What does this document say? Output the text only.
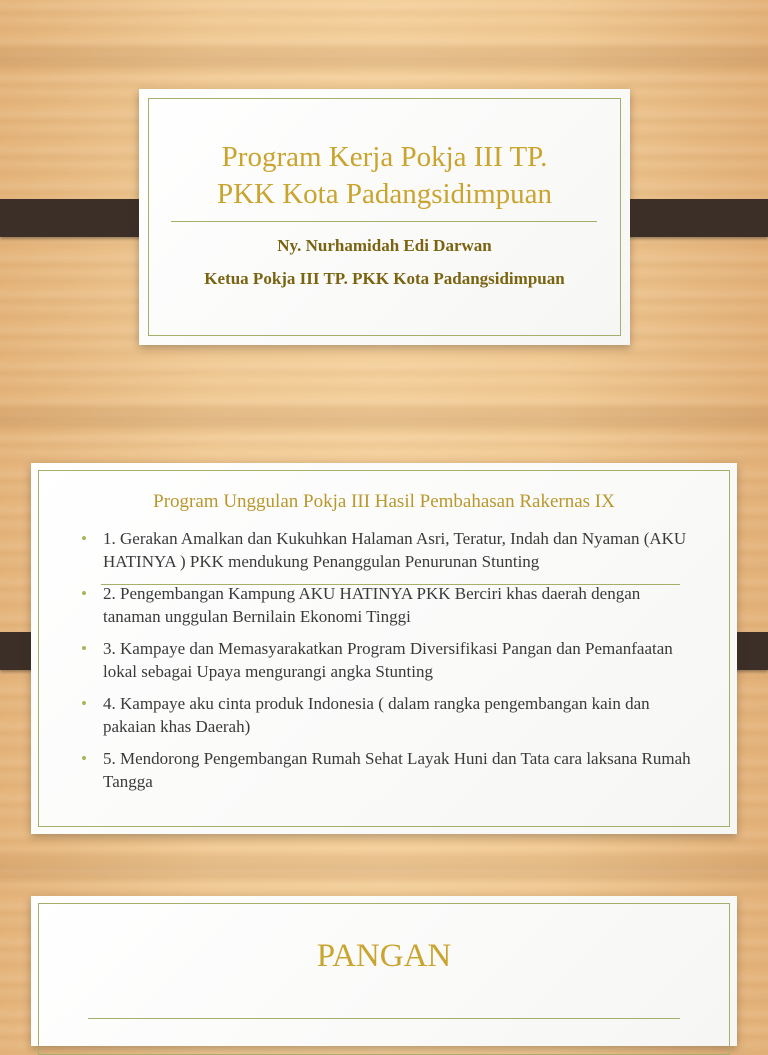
Program Kerja Pokja III TP.
PKK Kota Padangsidimpuan
Ny. Nurhamidah Edi Darwan
Ketua Pokja III TP. PKK Kota Padangsidimpuan
Program Unggulan Pokja III Hasil Pembahasan Rakernas IX
• 1. Gerakan Amalkan dan Kukuhkan Halaman Asri, Teratur, Indah dan Nyaman (AKU HATINYA ) PKK mendukung Penanggulan Penurunan Stunting
• 2. Pengembangan Kampung AKU HATINYA PKK Berciri khas daerah dengan tanaman unggulan Bernilain Ekonomi Tinggi
• 3. Kampaye dan Memasyarakatkan Program Diversifikasi Pangan dan Pemanfaatan lokal sebagai Upaya mengurangi angka Stunting
• 4. Kampaye aku cinta produk Indonesia ( dalam rangka pengembangan kain dan pakaian khas Daerah)
• 5. Mendorong Pengembangan Rumah Sehat Layak Huni dan Tata cara laksana Rumah Tangga
PANGAN
